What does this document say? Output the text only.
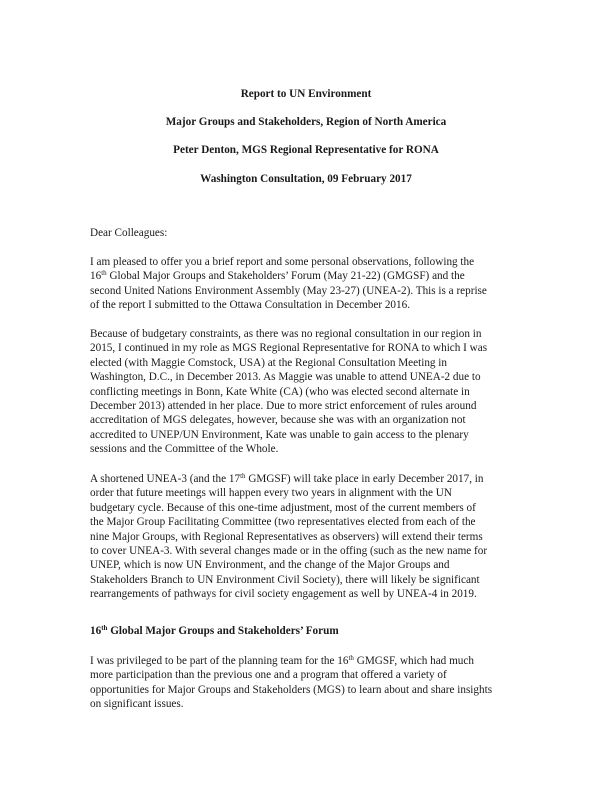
Report to UN Environment
Major Groups and Stakeholders, Region of North America
Peter Denton, MGS Regional Representative for RONA
Washington Consultation, 09 February 2017

Dear Colleagues:

I am pleased to offer you a brief report and some personal observations, following the
16th Global Major Groups and Stakeholders’ Forum (May 21-22) (GMGSF) and the
second United Nations Environment Assembly (May 23-27) (UNEA-2). This is a reprise
of the report I submitted to the Ottawa Consultation in December 2016.

Because of budgetary constraints, as there was no regional consultation in our region in
2015, I continued in my role as MGS Regional Representative for RONA to which I was
elected (with Maggie Comstock, USA) at the Regional Consultation Meeting in
Washington, D.C., in December 2013. As Maggie was unable to attend UNEA-2 due to
conflicting meetings in Bonn, Kate White (CA) (who was elected second alternate in
December 2013) attended in her place. Due to more strict enforcement of rules around
accreditation of MGS delegates, however, because she was with an organization not
accredited to UNEP/UN Environment, Kate was unable to gain access to the plenary
sessions and the Committee of the Whole.

A shortened UNEA-3 (and the 17th GMGSF) will take place in early December 2017, in
order that future meetings will happen every two years in alignment with the UN
budgetary cycle. Because of this one-time adjustment, most of the current members of
the Major Group Facilitating Committee (two representatives elected from each of the
nine Major Groups, with Regional Representatives as observers) will extend their terms
to cover UNEA-3. With several changes made or in the offing (such as the new name for
UNEP, which is now UN Environment, and the change of the Major Groups and
Stakeholders Branch to UN Environment Civil Society), there will likely be significant
rearrangements of pathways for civil society engagement as well by UNEA-4 in 2019.

16th Global Major Groups and Stakeholders’ Forum

I was privileged to be part of the planning team for the 16th GMGSF, which had much
more participation than the previous one and a program that offered a variety of
opportunities for Major Groups and Stakeholders (MGS) to learn about and share insights
on significant issues.
